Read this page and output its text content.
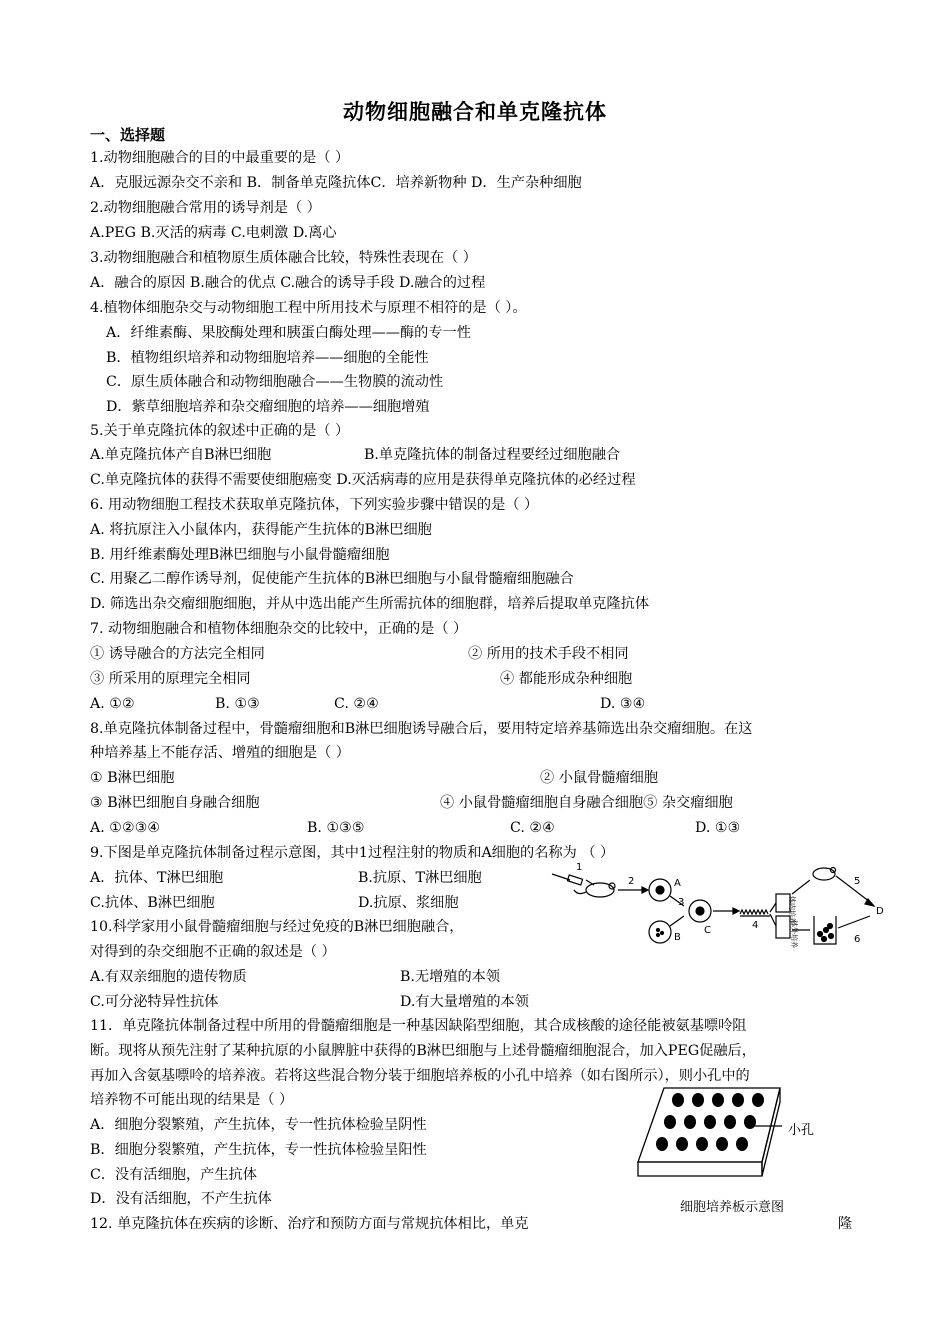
动物细胞融合和单克隆抗体
一、选择题
1.动物细胞融合的目的中最重要的是（ ）
A．克服远源杂交不亲和 B．制备单克隆抗体C．培养新物种 D．生产杂种细胞
2.动物细胞融合常用的诱导剂是（ ）
A.PEG B.灭活的病毒 C.电刺激 D.离心
3.动物细胞融合和植物原生质体融合比较，特殊性表现在（ ）
A．融合的原因 B.融合的优点 C.融合的诱导手段 D.融合的过程
4.植物体细胞杂交与动物细胞工程中所用技术与原理不相符的是（ ）。
A．纤维素酶、果胶酶处理和胰蛋白酶处理——酶的专一性
B．植物组织培养和动物细胞培养——细胞的全能性
C．原生质体融合和动物细胞融合——生物膜的流动性
D．紫草细胞培养和杂交瘤细胞的培养——细胞增殖
5.关于单克隆抗体的叙述中正确的是（ ）
A.单克隆抗体产自B淋巴细胞	B.单克隆抗体的制备过程要经过细胞融合
C.单克隆抗体的获得不需要使细胞癌变 D.灭活病毒的应用是获得单克隆抗体的必经过程
6. 用动物细胞工程技术获取单克隆抗体，下列实验步骤中错误的是（ ）
A. 将抗原注入小鼠体内，获得能产生抗体的B淋巴细胞
B. 用纤维素酶处理B淋巴细胞与小鼠骨髓瘤细胞
C. 用聚乙二醇作诱导剂，促使能产生抗体的B淋巴细胞与小鼠骨髓瘤细胞融合
D. 筛选出杂交瘤细胞细胞，并从中选出能产生所需抗体的细胞群，培养后提取单克隆抗体
7. 动物细胞融合和植物体细胞杂交的比较中，正确的是（ ）
① 诱导融合的方法完全相同	② 所用的技术手段不相同
③ 所采用的原理完全相同	④ 都能形成杂种细胞
A. ①②	B. ①③	C. ②④	D. ③④
8.单克隆抗体制备过程中，骨髓瘤细胞和B淋巴细胞诱导融合后，要用特定培养基筛选出杂交瘤细胞。在这
种培养基上不能存活、增殖的细胞是（ ）
① B淋巴细胞	② 小鼠骨髓瘤细胞
③ B淋巴细胞自身融合细胞	④ 小鼠骨髓瘤细胞自身融合细胞⑤ 杂交瘤细胞
A. ①②③④	B. ①③⑤	C. ②④	D. ①③
9.下图是单克隆抗体制备过程示意图，其中1过程注射的物质和A细胞的名称为 （ ）
A．抗体、T淋巴细胞	B.抗原、T淋巴细胞
C.抗体、B淋巴细胞	D.抗原、浆细胞
10.科学家用小鼠骨髓瘤细胞与经过免疫的B淋巴细胞融合，
对得到的杂交细胞不正确的叙述是（ ）
A.有双亲细胞的遗传物质	B.无增殖的本领
C.可分泌特异性抗体	D.有大量增殖的本领
11．单克隆抗体制备过程中所用的骨髓瘤细胞是一种基因缺陷型细胞，其合成核酸的途径能被氨基嘌呤阻
断。现将从预先注射了某种抗原的小鼠脾脏中获得的B淋巴细胞与上述骨髓瘤细胞混合，加入PEG促融后，
再加入含氨基嘌呤的培养液。若将这些混合物分装于细胞培养板的小孔中培养（如右图所示），则小孔中的
培养物不可能出现的结果是（ ）
A．细胞分裂繁殖，产生抗体，专一性抗体检验呈阴性
B．细胞分裂繁殖，产生抗体，专一性抗体检验呈阳性
C．没有活细胞，产生抗体
D．没有活细胞，不产生抗体
12. 单克隆抗体在疾病的诊断、治疗和预防方面与常规抗体相比，单克	隆
1
2
3
4
5
6
A
B
C
D
体内培养
体外培养
小孔
细胞培养板示意图
